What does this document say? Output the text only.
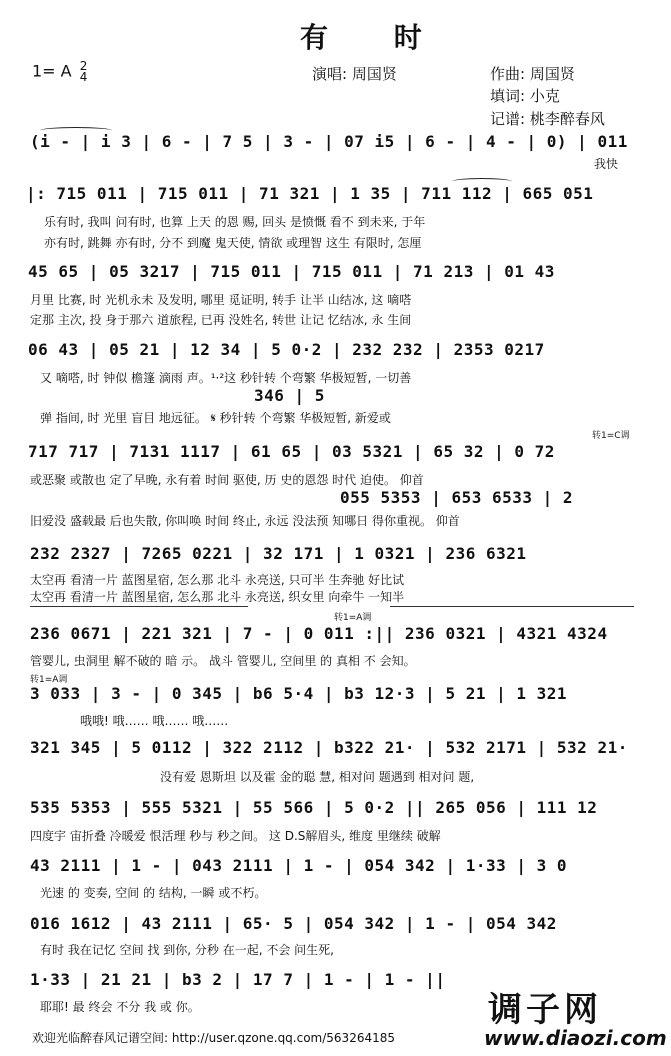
有 时
1= A 2
4	演唱: 周国贤	作曲: 周国贤
填词: 小克
记谱: 桃李醉春风
(i - | i 3 | 6 - | 7 5 | 3 - | 07 i5 | 6 - | 4 - | 0) | 011
我快
|: 715 011 | 715 011 | 71 321 | 1 35 | 711 112 | 665 051
乐有时, 我叫 问有时, 也算 上天 的恩 赐, 回头 是愤慨 看不 到未来, 于年
亦有时, 跳舞 亦有时, 分不 到魔 鬼天使, 情欲 或理智 这生 有限时, 怎厘
45 65 | 05 3217 | 715 011 | 715 011 | 71 213 | 01 43
月里 比赛, 时 光机永未 及发明, 哪里 觅证明, 转手 让半 山结冰, 这 嘀嗒
定那 主次, 投 身于那六 道旅程, 已再 没姓名, 转世 让记 忆结冰, 永 生间
06 43 | 05 21 | 12 34 | 5 0·2 | 232 232 | 2353 0217
又 嘀嗒, 时 钟似 檐篷 滴雨 声。¹·²这 秒针转 个弯繁 华极短暂, 一切善
346 | 5
弹 指间, 时 光里 盲目 地远征。 𝄋 秒针转 个弯繁 华极短暂, 新爱或
转1=C调
717 717 | 7131 1117 | 61 65 | 03 5321 | 65 32 | 0 72
或恶聚 或散也 定了早晚, 永有着 时间 驱使, 历 史的恩怨 时代 迫使。 仰首
055 5353 | 653 6533 | 2
旧爱没 盛载最 后也失散, 你叫唤 时间 终止, 永远 没法预 知哪日 得你重视。 仰首
232 2327 | 7265 0221 | 32 171 | 1 0321 | 236 6321
太空再 看清一片 蓝图星宿, 怎么那 北斗 永亮送, 只可半 生奔驰 好比试
太空再 看清一片 蓝图星宿, 怎么那 北斗 永亮送, 织女里 向牵牛 一知半
转1=A调
236 0671 | 221 321 | 7 - | 0 011 :|| 236 0321 | 4321 4324
管婴儿, 虫洞里 解不破的 暗 示。 战斗 管婴儿, 空间里 的 真相 不 会知。
转1=A调
3 033 | 3 - | 0 345 | b6 5·4 | b3 12·3 | 5 21 | 1 321
哦哦! 哦…… 哦…… 哦……
321 345 | 5 0112 | 322 2112 | b322 21· | 532 2171 | 532 21·
没有爱 恩斯坦 以及霍 金的聪 慧, 相对问 题遇到 相对问 题,
535 5353 | 555 5321 | 55 566 | 5 0·2 || 265 056 | 111 12
四度宇 宙折叠 冷暖爱 恨活理 秒与 秒之间。 这 D.S解眉头, 维度 里继续 破解
43 2111 | 1 - | 043 2111 | 1 - | 054 342 | 1·33 | 3 0
光速 的 变奏, 空间 的 结构, 一瞬 或不朽。
016 1612 | 43 2111 | 65· 5 | 054 342 | 1 - | 054 342
有时 我在记忆 空间 找 到你, 分秒 在一起, 不会 问生死,
1·33 | 21 21 | b3 2 | 17 7 | 1 - | 1 - ||
耶耶! 最 终会 不分 我 或 你。
欢迎光临醉春风记谱空间: http://user.qzone.qq.com/563264185
调子网
www.diaozi.com
